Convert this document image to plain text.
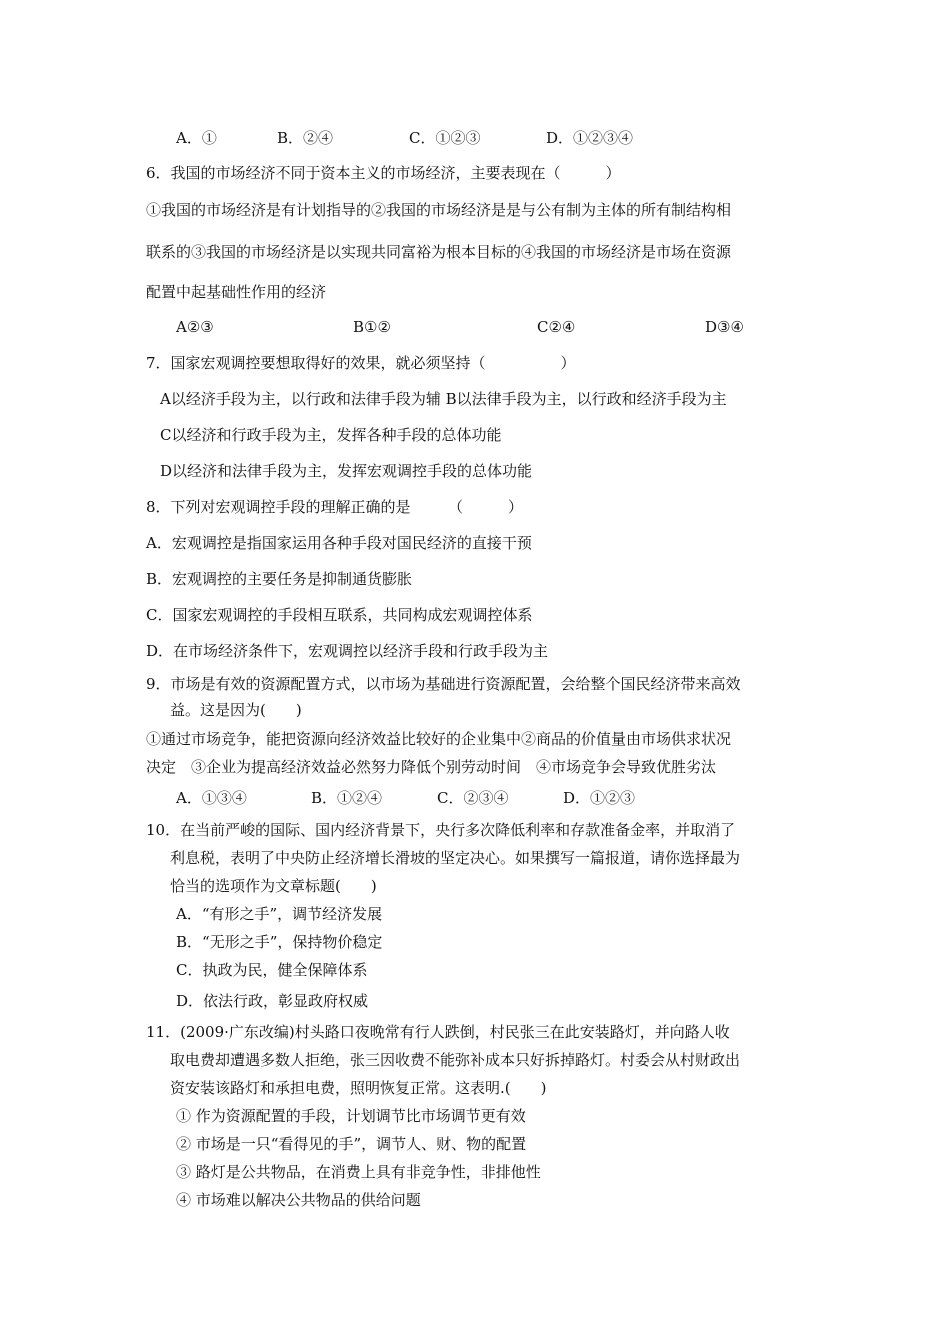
A．①	B．②④	C．①②③	D．①②③④
6．我国的市场经济不同于资本主义的市场经济，主要表现在（　　　）
①我国的市场经济是有计划指导的②我国的市场经济是是与公有制为主体的所有制结构相
联系的③我国的市场经济是以实现共同富裕为根本目标的④我国的市场经济是市场在资源
配置中起基础性作用的经济
A②③	B①②	C②④	D③④
7．国家宏观调控要想取得好的效果，就必须坚持（　　　　　）
A以经济手段为主，以行政和法律手段为辅 B以法律手段为主，以行政和经济手段为主
C以经济和行政手段为主，发挥各种手段的总体功能
D以经济和法律手段为主，发挥宏观调控手段的总体功能
8．下列对宏观调控手段的理解正确的是　　　（　　　）
A．宏观调控是指国家运用各种手段对国民经济的直接干预
B．宏观调控的主要任务是抑制通货膨胀
C．国家宏观调控的手段相互联系，共同构成宏观调控体系
D．在市场经济条件下，宏观调控以经济手段和行政手段为主
9．市场是有效的资源配置方式，以市场为基础进行资源配置，会给整个国民经济带来高效
益。这是因为(　　)
①通过市场竞争，能把资源向经济效益比较好的企业集中②商品的价值量由市场供求状况
决定　③企业为提高经济效益必然努力降低个别劳动时间　④市场竞争会导致优胜劣汰
A．①③④	B．①②④	C．②③④	D．①②③
10．在当前严峻的国际、国内经济背景下，央行多次降低利率和存款准备金率，并取消了
利息税，表明了中央防止经济增长滑坡的坚定决心。如果撰写一篇报道，请你选择最为
恰当的选项作为文章标题(　　)
A．“有形之手”，调节经济发展
B．“无形之手”，保持物价稳定
C．执政为民，健全保障体系
D．依法行政，彰显政府权威
11．(2009·广东改编)村头路口夜晚常有行人跌倒，村民张三在此安装路灯，并向路人收
取电费却遭遇多数人拒绝，张三因收费不能弥补成本只好拆掉路灯。村委会从村财政出
资安装该路灯和承担电费，照明恢复正常。这表明.(　　)
① 作为资源配置的手段，计划调节比市场调节更有效
② 市场是一只“看得见的手”，调节人、财、物的配置
③ 路灯是公共物品，在消费上具有非竞争性，非排他性
④ 市场难以解决公共物品的供给问题
